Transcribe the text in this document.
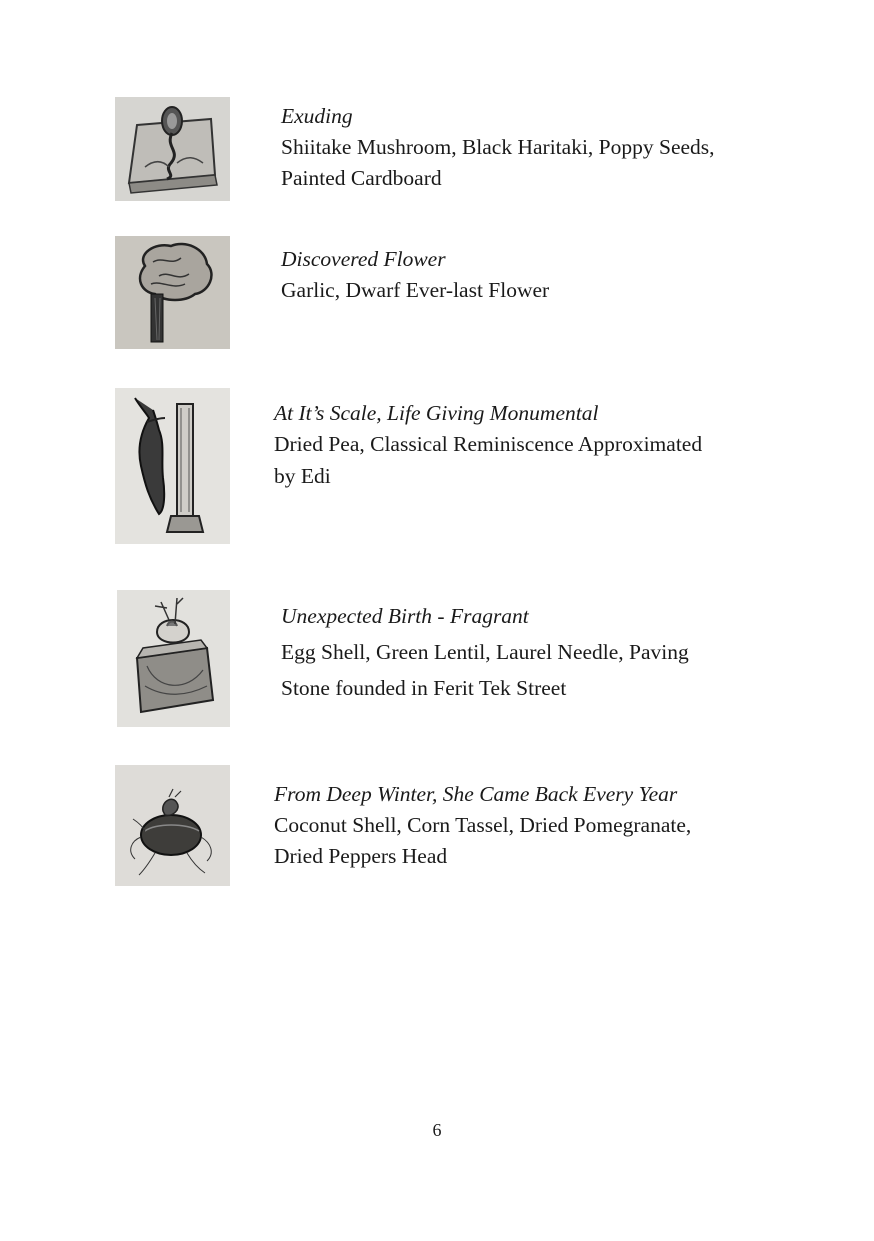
Exuding
Shiitake Mushroom, Black Haritaki, Poppy Seeds,
Painted Cardboard
Discovered Flower
Garlic, Dwarf Ever-last Flower
At It’s Scale, Life Giving Monumental
Dried Pea, Classical Reminiscence Approximated
by Edi
Unexpected Birth - Fragrant
Egg Shell, Green Lentil, Laurel Needle, Paving
Stone founded in Ferit Tek Street
From Deep Winter, She Came Back Every Year
Coconut Shell, Corn Tassel, Dried Pomegranate,
Dried Peppers Head
6
